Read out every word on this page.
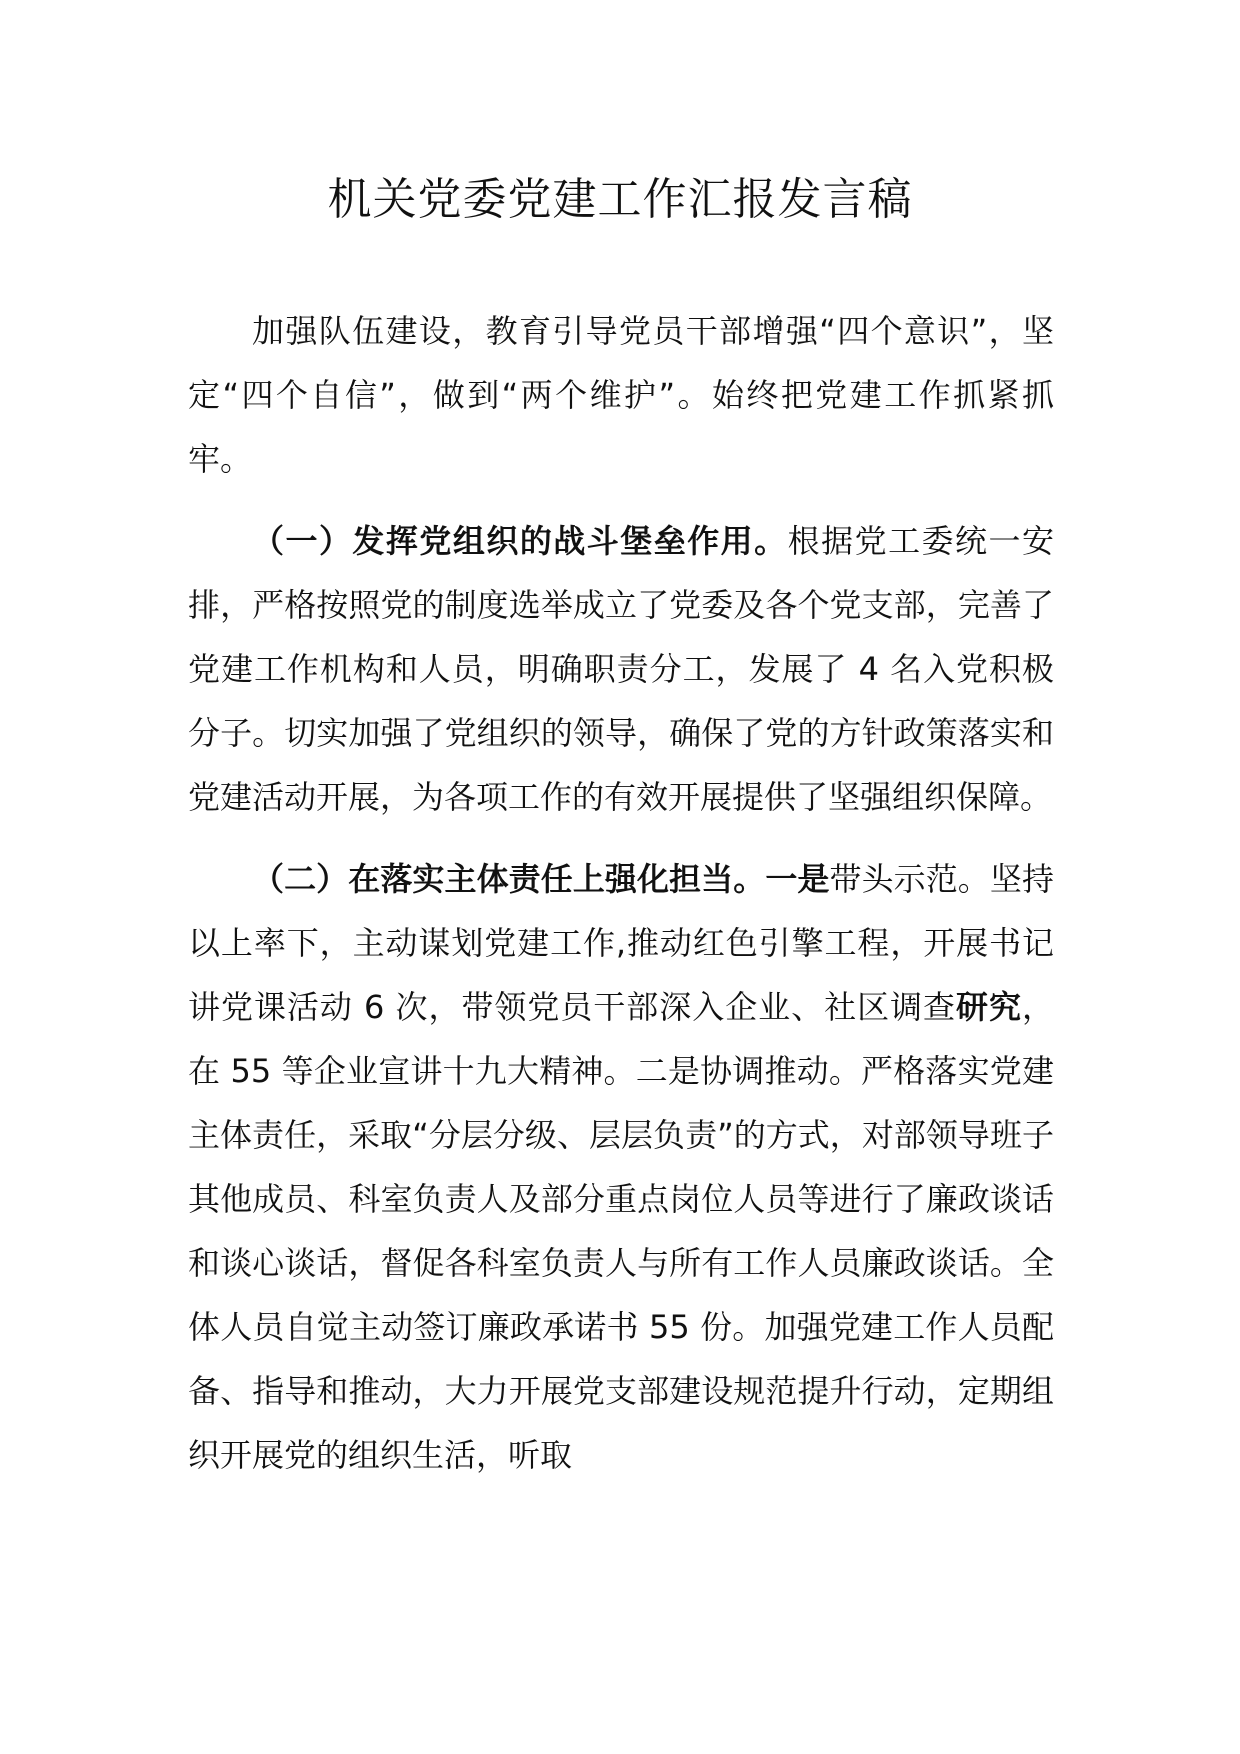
机关党委党建工作汇报发言稿

加强队伍建设，教育引导党员干部增强“四个意识”，坚定“四个自信”，做到“两个维护”。始终把党建工作抓紧抓牢。

（一）发挥党组织的战斗堡垒作用。根据党工委统一安排，严格按照党的制度选举成立了党委及各个党支部，完善了党建工作机构和人员，明确职责分工，发展了 4 名入党积极分子。切实加强了党组织的领导，确保了党的方针政策落实和党建活动开展，为各项工作的有效开展提供了坚强组织保障。

（二）在落实主体责任上强化担当。一是带头示范。坚持以上率下，主动谋划党建工作,推动红色引擎工程，开展书记讲党课活动 6 次，带领党员干部深入企业、社区调查研究，在 55 等企业宣讲十九大精神。二是协调推动。严格落实党建主体责任，采取“分层分级、层层负责”的方式，对部领导班子其他成员、科室负责人及部分重点岗位人员等进行了廉政谈话和谈心谈话，督促各科室负责人与所有工作人员廉政谈话。全体人员自觉主动签订廉政承诺书 55 份。加强党建工作人员配备、指导和推动，大力开展党支部建设规范提升行动，定期组织开展党的组织生活，听取
